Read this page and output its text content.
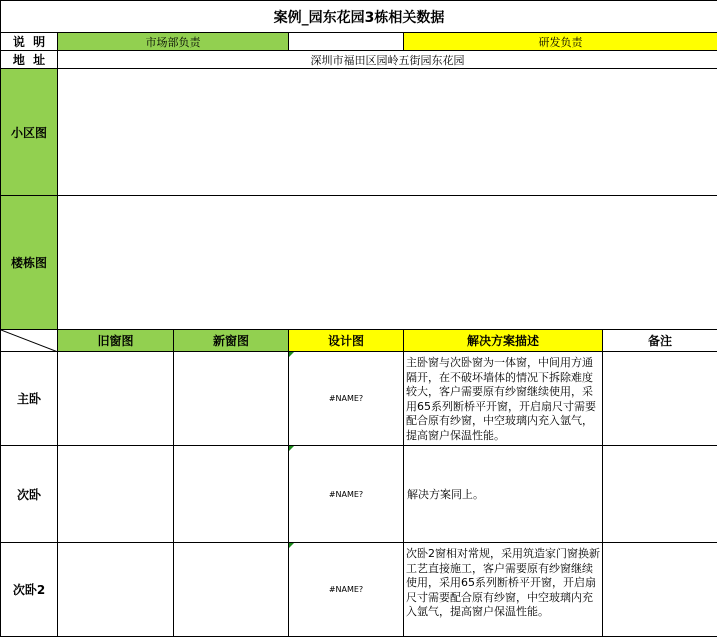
案例_园东花园3栋相关数据					
说  明	市场部负责			研发负责	
地  址	深圳市福田区园岭五街园东花园				
小区图					
楼栋图					

	旧窗图	新窗图	设计图	解决方案描述	备注
主卧			#NAME?	主卧窗与次卧窗为一体窗，中间用方通隔开，在不破坏墙体的情况下拆除难度较大，客户需要原有纱窗继续使用，采用65系列断桥平开窗，开启扇尺寸需要配合原有纱窗，中空玻璃内充入氩气，提高窗户保温性能。	
次卧			#NAME?	解决方案同上。	
次卧2			#NAME?	次卧2窗相对常规，采用筑造家门窗换新工艺直接施工，客户需要原有纱窗继续使用，采用65系列断桥平开窗，开启扇尺寸需要配合原有纱窗，中空玻璃内充入氩气，提高窗户保温性能。	
